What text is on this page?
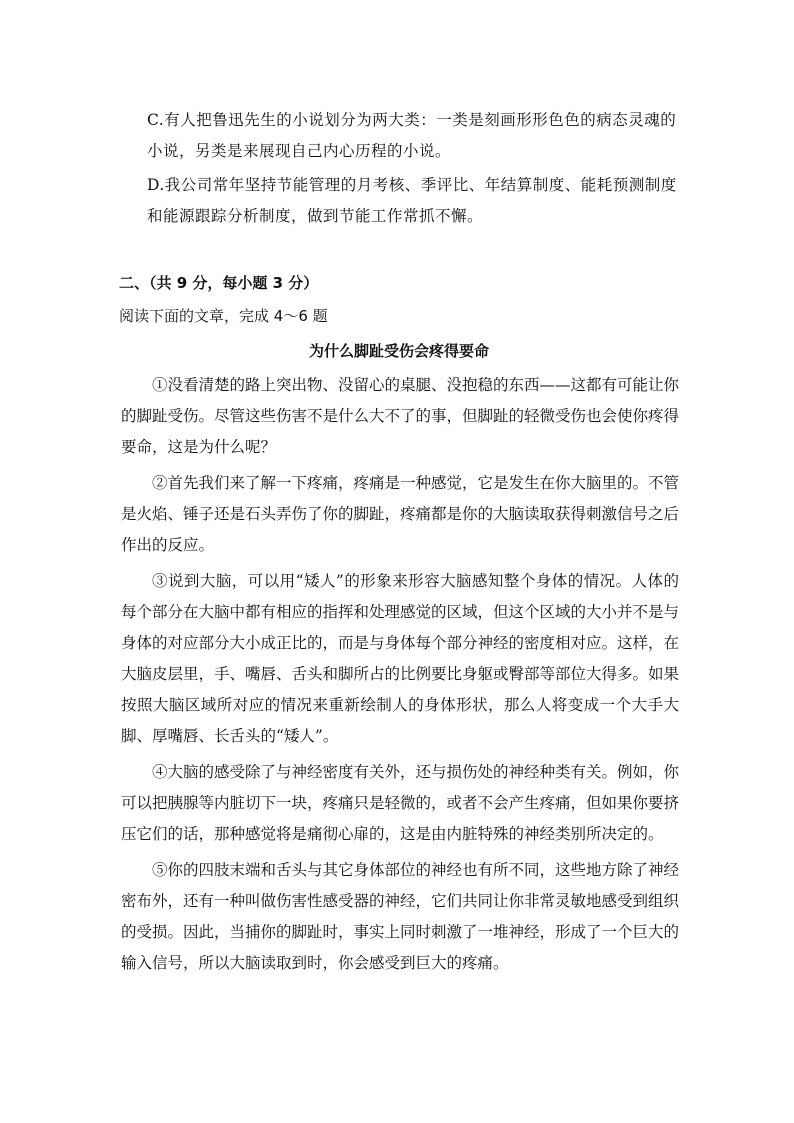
C.有人把鲁迅先生的小说划分为两大类：一类是刻画形形色色的病态灵魂的小说，另类是来展现自己内心历程的小说。

D.我公司常年坚持节能管理的月考核、季评比、年结算制度、能耗预测制度和能源跟踪分析制度，做到节能工作常抓不懈。

二、（共 9 分，每小题 3 分）
阅读下面的文章，完成 4～6 题
为什么脚趾受伤会疼得要命

①没看清楚的路上突出物、没留心的桌腿、没抱稳的东西——这都有可能让你的脚趾受伤。尽管这些伤害不是什么大不了的事，但脚趾的轻微受伤也会使你疼得要命，这是为什么呢？

②首先我们来了解一下疼痛，疼痛是一种感觉，它是发生在你大脑里的。不管是火焰、锤子还是石头弄伤了你的脚趾，疼痛都是你的大脑读取获得刺激信号之后作出的反应。

③说到大脑，可以用“矮人”的形象来形容大脑感知整个身体的情况。人体的每个部分在大脑中都有相应的指挥和处理感觉的区域，但这个区域的大小并不是与身体的对应部分大小成正比的，而是与身体每个部分神经的密度相对应。这样，在大脑皮层里，手、嘴唇、舌头和脚所占的比例要比身躯或臀部等部位大得多。如果按照大脑区域所对应的情况来重新绘制人的身体形状，那么人将变成一个大手大脚、厚嘴唇、长舌头的“矮人”。

④大脑的感受除了与神经密度有关外，还与损伤处的神经种类有关。例如，你可以把胰腺等内脏切下一块，疼痛只是轻微的，或者不会产生疼痛，但如果你要挤压它们的话，那种感觉将是痛彻心扉的，这是由内脏特殊的神经类别所决定的。

⑤你的四肢末端和舌头与其它身体部位的神经也有所不同，这些地方除了神经密布外，还有一种叫做伤害性感受器的神经，它们共同让你非常灵敏地感受到组织的受损。因此，当捕你的脚趾时，事实上同时刺激了一堆神经，形成了一个巨大的输入信号，所以大脑读取到时，你会感受到巨大的疼痛。
